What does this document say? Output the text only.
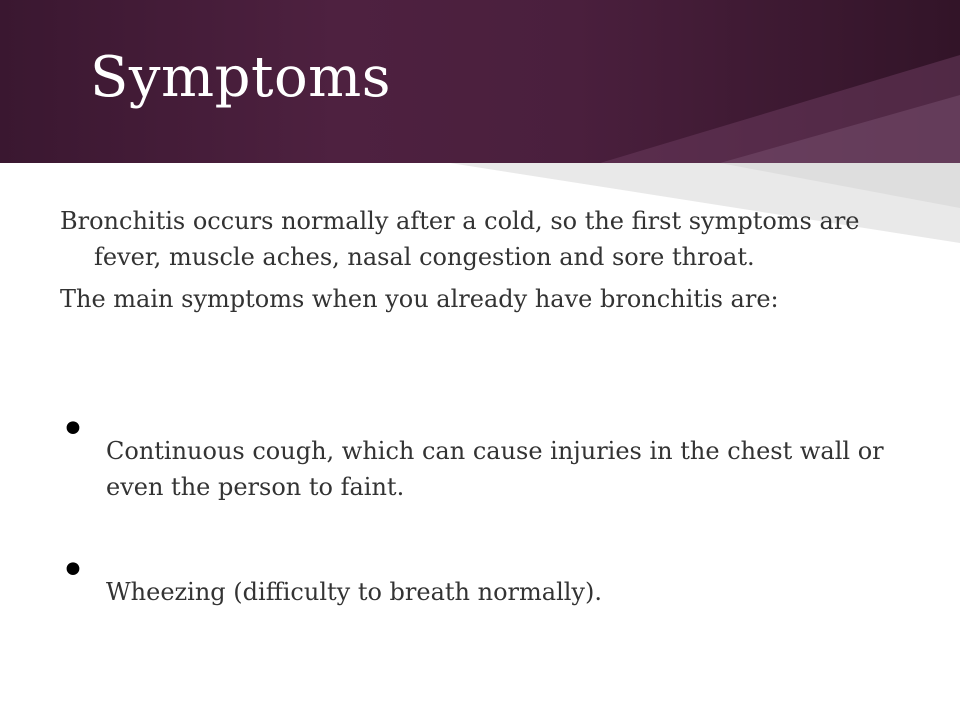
Symptoms

Bronchitis occurs normally after a cold, so the first symptoms are fever, muscle aches, nasal congestion and sore throat.

The main symptoms when you already have bronchitis are:

• Continuous cough, which can cause injuries in the chest wall or even the person to faint.
• Wheezing (difficulty to breath normally).
